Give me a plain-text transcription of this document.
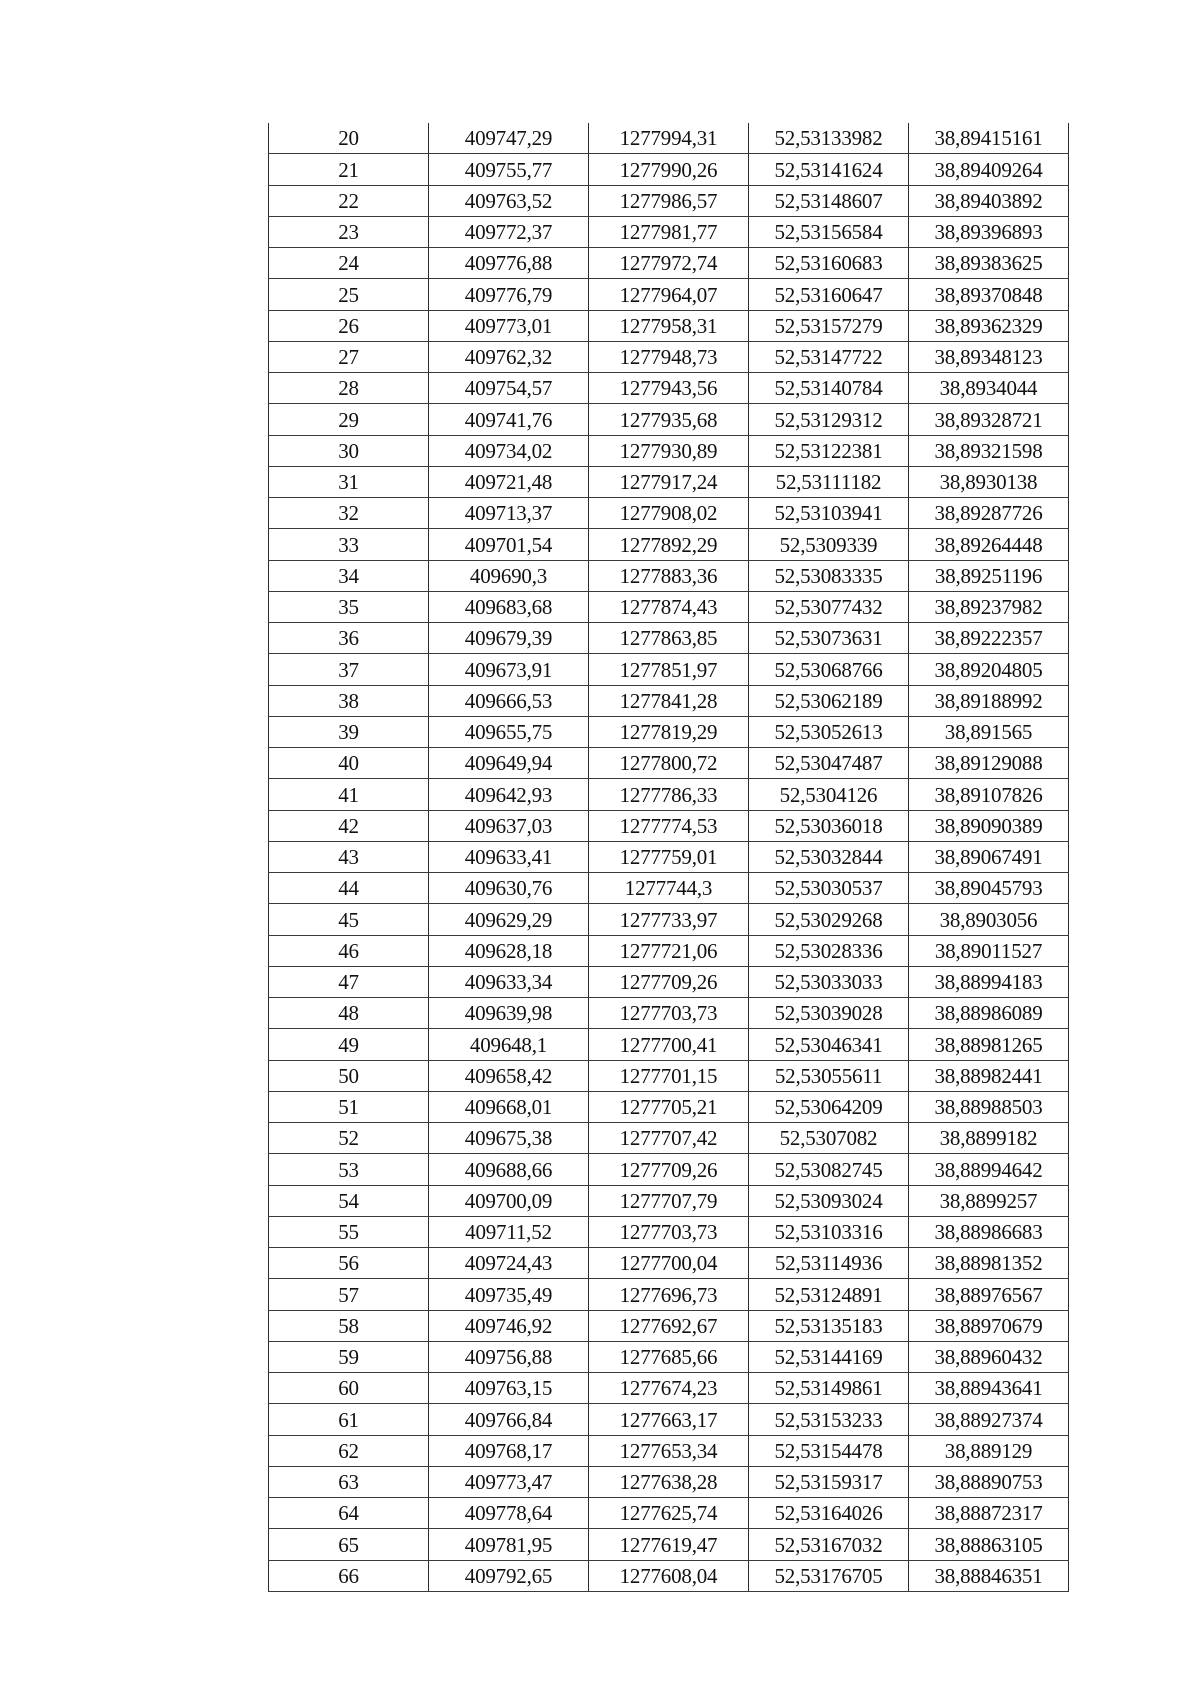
20	409747,29	1277994,31	52,53133982	38,89415161
21	409755,77	1277990,26	52,53141624	38,89409264
22	409763,52	1277986,57	52,53148607	38,89403892
23	409772,37	1277981,77	52,53156584	38,89396893
24	409776,88	1277972,74	52,53160683	38,89383625
25	409776,79	1277964,07	52,53160647	38,89370848
26	409773,01	1277958,31	52,53157279	38,89362329
27	409762,32	1277948,73	52,53147722	38,89348123
28	409754,57	1277943,56	52,53140784	38,8934044
29	409741,76	1277935,68	52,53129312	38,89328721
30	409734,02	1277930,89	52,53122381	38,89321598
31	409721,48	1277917,24	52,53111182	38,8930138
32	409713,37	1277908,02	52,53103941	38,89287726
33	409701,54	1277892,29	52,5309339	38,89264448
34	409690,3	1277883,36	52,53083335	38,89251196
35	409683,68	1277874,43	52,53077432	38,89237982
36	409679,39	1277863,85	52,53073631	38,89222357
37	409673,91	1277851,97	52,53068766	38,89204805
38	409666,53	1277841,28	52,53062189	38,89188992
39	409655,75	1277819,29	52,53052613	38,891565
40	409649,94	1277800,72	52,53047487	38,89129088
41	409642,93	1277786,33	52,5304126	38,89107826
42	409637,03	1277774,53	52,53036018	38,89090389
43	409633,41	1277759,01	52,53032844	38,89067491
44	409630,76	1277744,3	52,53030537	38,89045793
45	409629,29	1277733,97	52,53029268	38,8903056
46	409628,18	1277721,06	52,53028336	38,89011527
47	409633,34	1277709,26	52,53033033	38,88994183
48	409639,98	1277703,73	52,53039028	38,88986089
49	409648,1	1277700,41	52,53046341	38,88981265
50	409658,42	1277701,15	52,53055611	38,88982441
51	409668,01	1277705,21	52,53064209	38,88988503
52	409675,38	1277707,42	52,5307082	38,8899182
53	409688,66	1277709,26	52,53082745	38,88994642
54	409700,09	1277707,79	52,53093024	38,8899257
55	409711,52	1277703,73	52,53103316	38,88986683
56	409724,43	1277700,04	52,53114936	38,88981352
57	409735,49	1277696,73	52,53124891	38,88976567
58	409746,92	1277692,67	52,53135183	38,88970679
59	409756,88	1277685,66	52,53144169	38,88960432
60	409763,15	1277674,23	52,53149861	38,88943641
61	409766,84	1277663,17	52,53153233	38,88927374
62	409768,17	1277653,34	52,53154478	38,889129
63	409773,47	1277638,28	52,53159317	38,88890753
64	409778,64	1277625,74	52,53164026	38,88872317
65	409781,95	1277619,47	52,53167032	38,88863105
66	409792,65	1277608,04	52,53176705	38,88846351
